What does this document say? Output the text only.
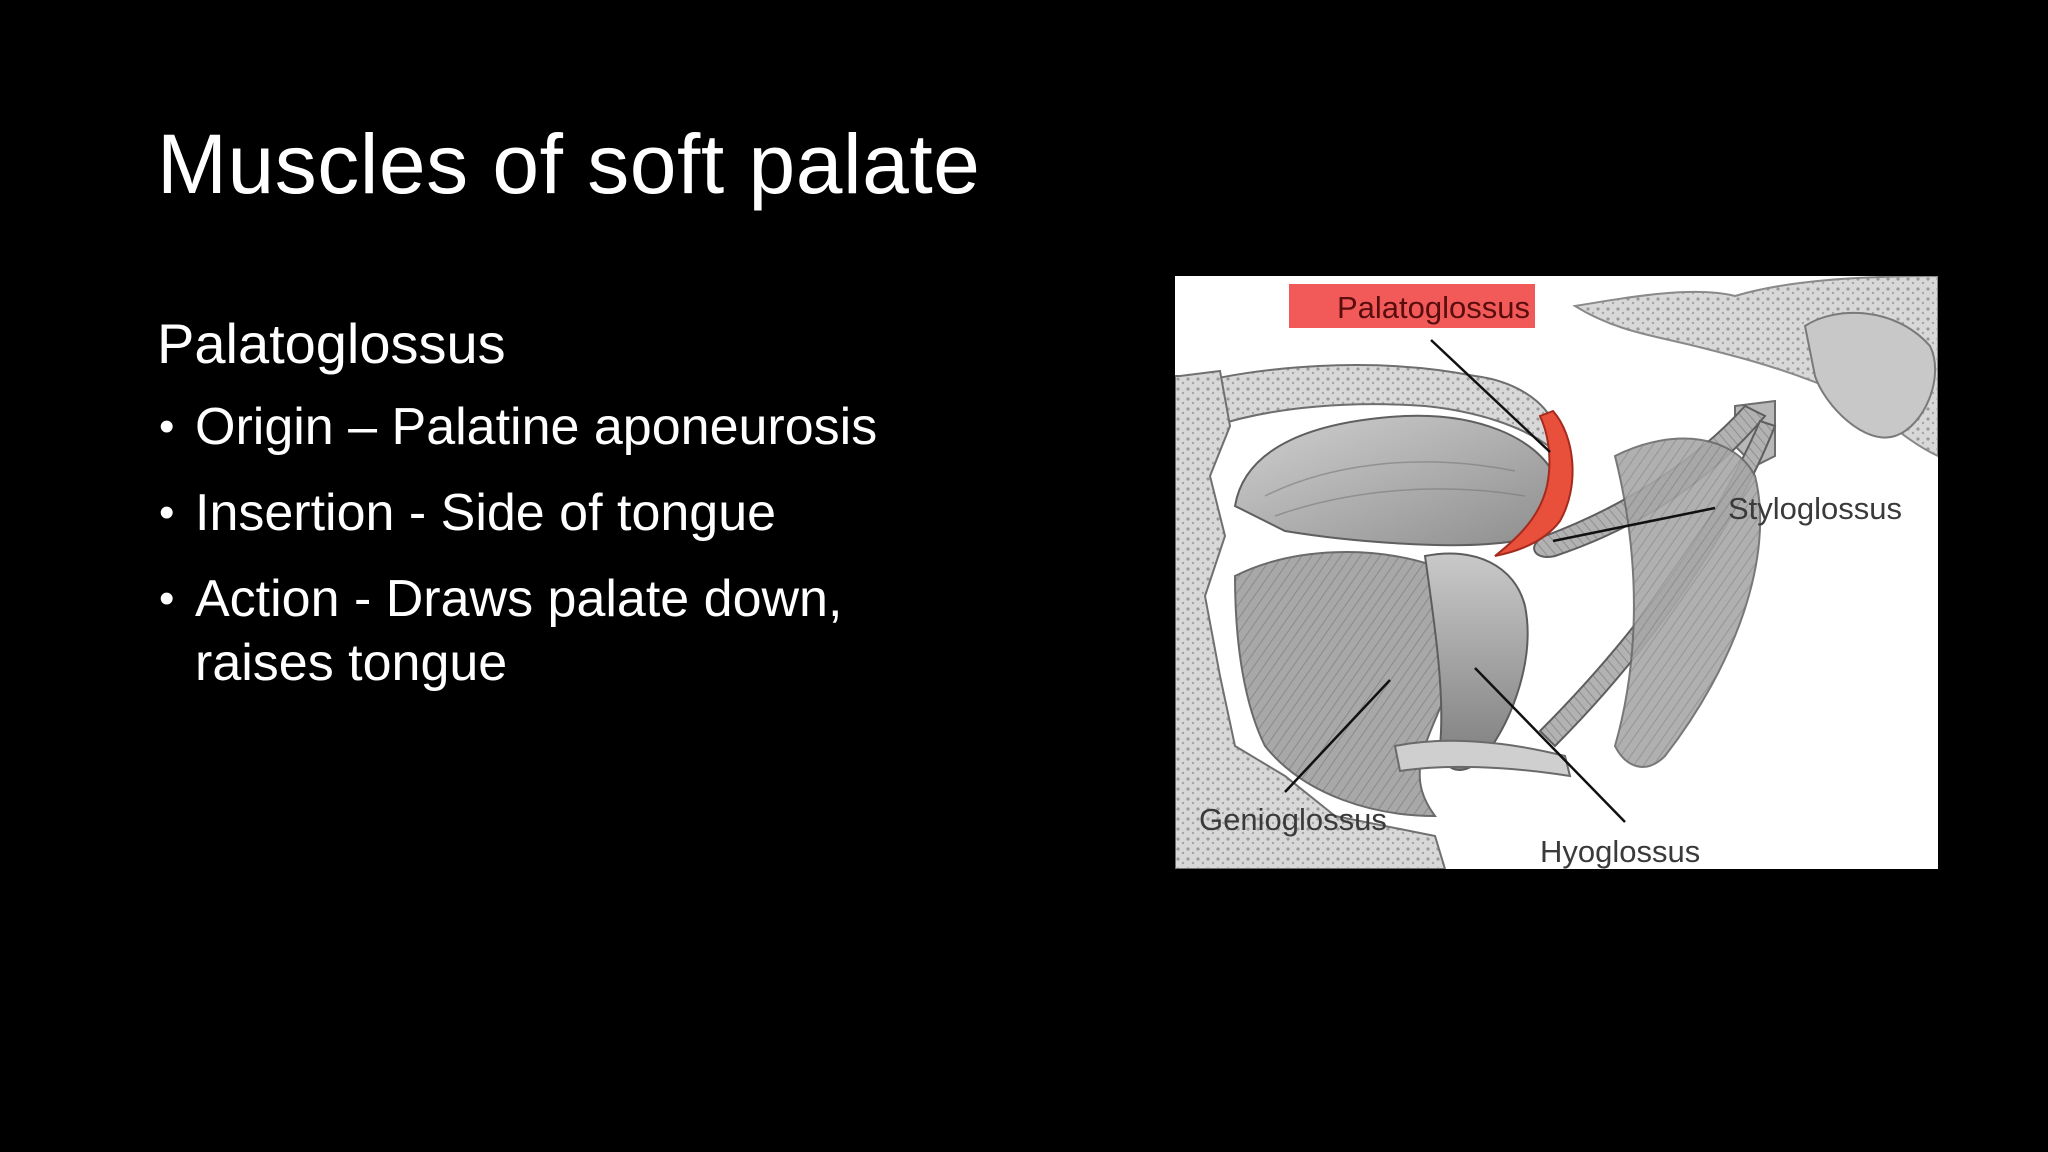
Muscles of soft palate
Palatoglossus
• Origin – Palatine aponeurosis
• Insertion - Side of tongue
• Action - Draws palate down,
raises tongue
Palatoglossus
Styloglossus
Genioglossus
Hyoglossus
